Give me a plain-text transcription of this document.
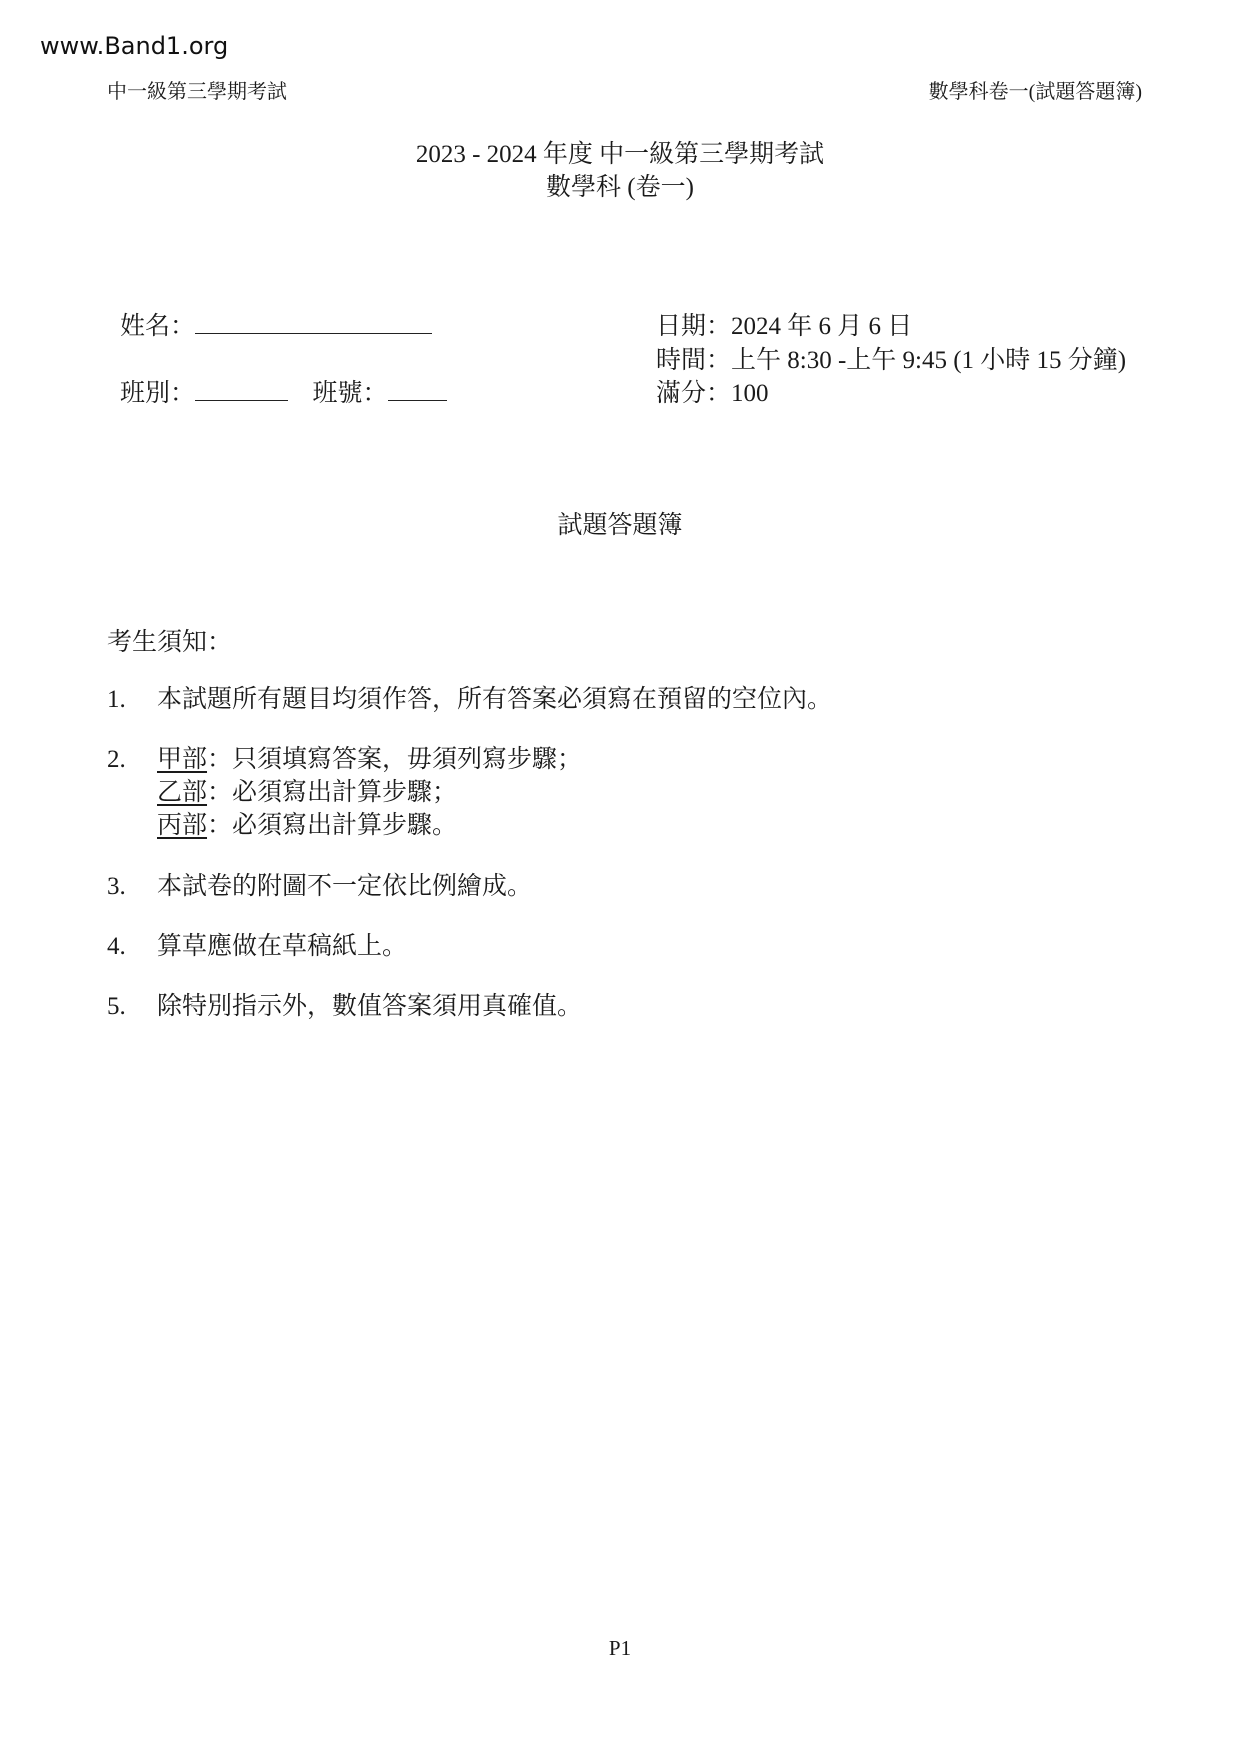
www.Band1.org
中一級第三學期考試	數學科卷一(試題答題簿)
2023 - 2024 年度 中一級第三學期考試
數學科 (卷一)
姓名：
班別：	班號：
日期：2024 年 6 月 6 日
時間：上午 8:30 -上午 9:45 (1 小時 15 分鐘)
滿分：100
試題答題簿
考生須知：
1.	本試題所有題目均須作答，所有答案必須寫在預留的空位內。
2.	甲部：只須填寫答案，毋須列寫步驟；
乙部：必須寫出計算步驟；
丙部：必須寫出計算步驟。
3.	本試卷的附圖不一定依比例繪成。
4.	算草應做在草稿紙上。
5.	除特別指示外，數值答案須用真確值。
P1
